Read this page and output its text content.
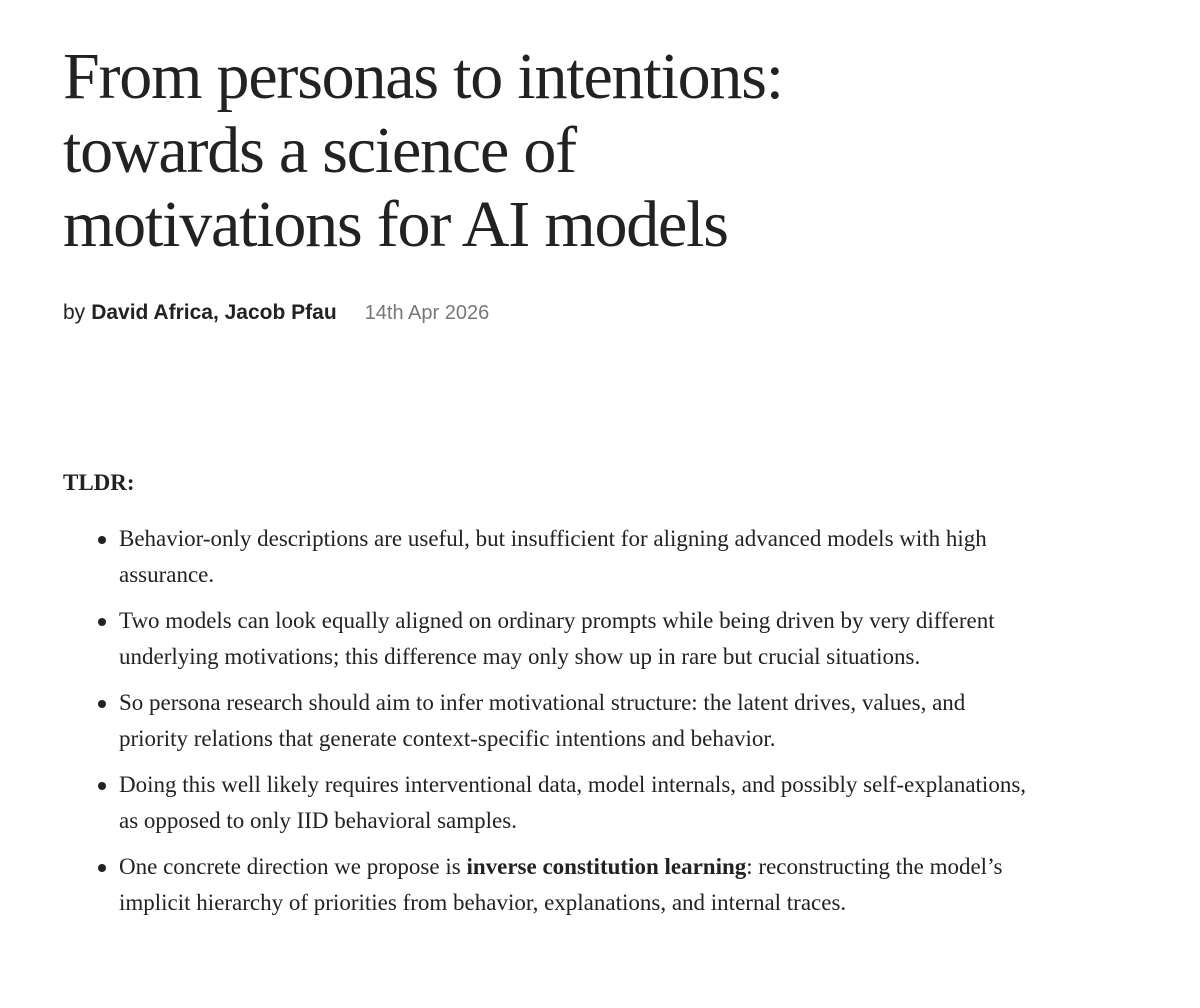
From personas to intentions:
towards a science of
motivations for AI models
by David Africa, Jacob Pfau 14th Apr 2026
TLDR:
Behavior-only descriptions are useful, but insufficient for aligning advanced models with high assurance.
Two models can look equally aligned on ordinary prompts while being driven by very different underlying motivations; this difference may only show up in rare but crucial situations.
So persona research should aim to infer motivational structure: the latent drives, values, and priority relations that generate context-specific intentions and behavior.
Doing this well likely requires interventional data, model internals, and possibly self-explanations, as opposed to only IID behavioral samples.
One concrete direction we propose is inverse constitution learning: reconstructing the model’s implicit hierarchy of priorities from behavior, explanations, and internal traces.
